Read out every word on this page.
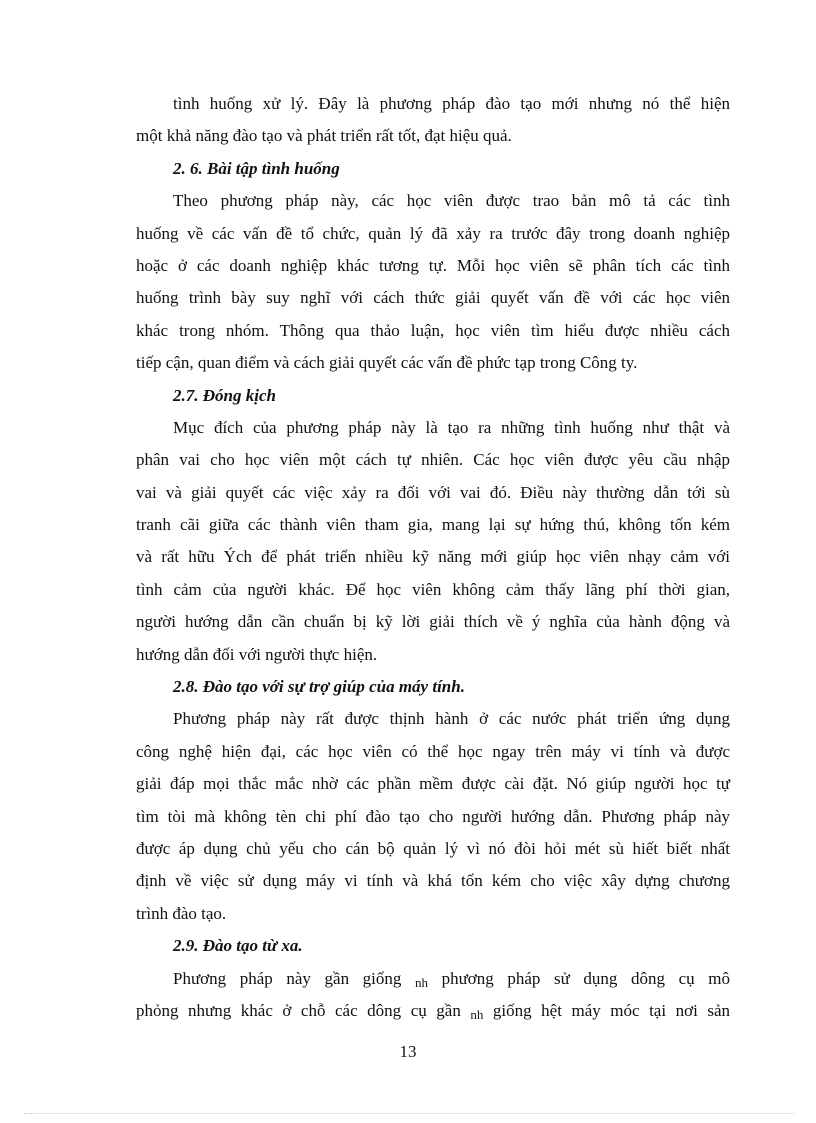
tình huống xử lý. Đây là phương pháp đào tạo mới nhưng nó thể hiện
một khả năng đào tạo và phát triển rất tốt, đạt hiệu quả.
2. 6. Bài tập tình huống
Theo phương pháp này, các học viên được trao bản mô tả các tình
huống về các vấn đề tổ chức, quản lý đã xảy ra trước đây trong doanh nghiệp
hoặc ở các doanh nghiệp khác tương tự. Mỗi học viên sẽ phân tích các tình
huống trình bày suy nghĩ với cách thức giải quyết vấn đề với các học viên
khác trong nhóm. Thông qua thảo luận, học viên tìm hiểu được nhiều cách
tiếp cận, quan điểm và cách giải quyết các vấn đề phức tạp trong Công ty.
2.7. Đóng kịch
Mục đích của phương pháp này là tạo ra những tình huống như thật và
phân vai cho học viên một cách tự nhiên. Các học viên được yêu cầu nhập
vai và giải quyết các việc xảy ra đối với vai đó. Điều này thường dẫn tới sù
tranh cãi giữa các thành viên tham gia, mang lại sự hứng thú, không tốn kém
và rất hữu Ých để phát triển nhiều kỹ năng mới giúp học viên nhạy cảm với
tình cảm của người khác. Để học viên không cảm thấy lãng phí thời gian,
người hướng dẫn cần chuẩn bị kỹ lời giải thích về ý nghĩa của hành động và
hướng dẫn đối với người thực hiện.
2.8. Đào tạo với sự trợ giúp của máy tính.
Phương pháp này rất được thịnh hành ở các nước phát triển ứng dụng
công nghệ hiện đại, các học viên có thể học ngay trên máy vi tính và được
giải đáp mọi thắc mắc nhờ các phần mềm được cài đặt. Nó giúp người học tự
tìm tòi mà không tèn chi phí đào tạo cho người hướng dẫn. Phương pháp này
được áp dụng chủ yếu cho cán bộ quản lý vì nó đòi hỏi mét sù hiết biết nhất
định về việc sử dụng máy vi tính và khá tốn kém cho việc xây dựng chương
trình đào tạo.
2.9. Đào tạo từ xa.
Phương pháp này gần giống nh phương pháp sử dụng dông cụ mô
phỏng nhưng khác ở chỗ các dông cụ gần nh giống hệt máy móc tại nơi sản
13
